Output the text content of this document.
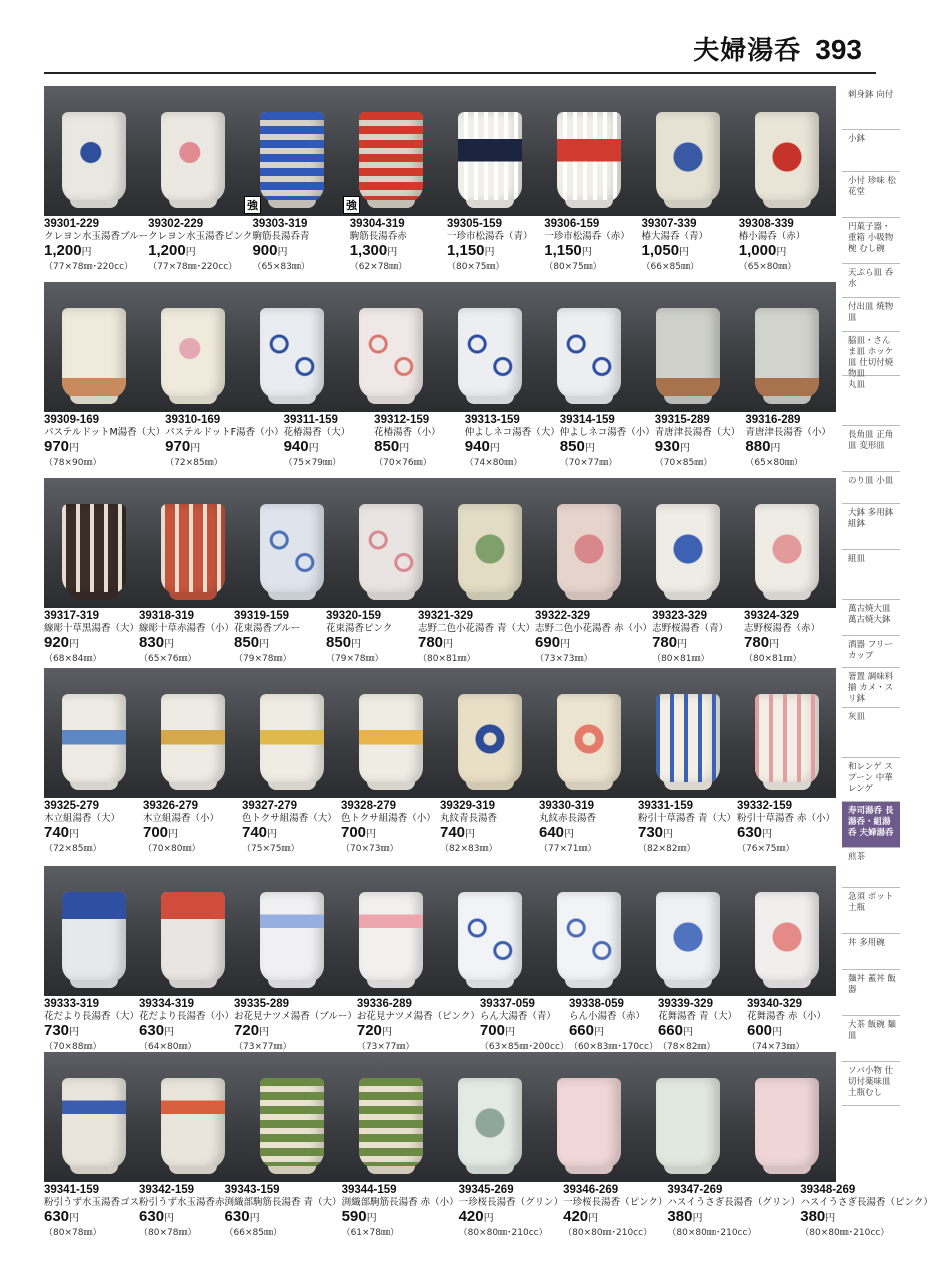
夫婦湯呑 393
強	強
39301-229
クレヨン水玉湯香ブルー
1,200円
（77×78㎜･220cc）
39302-229
クレヨン水玉湯香ピンク
1,200円
（77×78㎜･220cc）
39303-319
駒筋長湯呑青
900円
（65×83㎜）
39304-319
駒筋長湯呑赤
1,300円
（62×78㎜）
39305-159
一珍市松湯呑（青）
1,150円
（80×75㎜）
39306-159
一珍市松湯呑（赤）
1,150円
（80×75㎜）
39307-339
椿大湯呑（青）
1,050円
（66×85㎜）
39308-339
椿小湯呑（赤）
1,000円
（65×80㎜）
39309-169
パステルドットM湯香（大）
970円
（78×90㎜）
39310-169
パステルドットF湯香（小）
970円
（72×85㎜）
39311-159
花椿湯香（大）
940円
（75×79㎜）
39312-159
花椿湯香（小）
850円
（70×76㎜）
39313-159
仲よしネコ湯香（大）
940円
（74×80㎜）
39314-159
仲よしネコ湯香（小）
850円
（70×77㎜）
39315-289
青唐津長湯香（大）
930円
（70×85㎜）
39316-289
青唐津長湯香（小）
880円
（65×80㎜）
39317-319
線彫十草黒湯香（大）
920円
（68×84㎜）
39318-319
線彫十草赤湯香（小）
830円
（65×76㎜）
39319-159
花束湯香ブルー
850円
（79×78㎜）
39320-159
花束湯香ピンク
850円
（79×78㎜）
39321-329
志野二色小花湯香 青（大）
780円
（80×81㎜）
39322-329
志野二色小花湯香 赤（小）
690円
（73×73㎜）
39323-329
志野桜湯香（青）
780円
（80×81㎜）
39324-329
志野桜湯香（赤）
780円
（80×81㎜）
39325-279
木立組湯香（大）
740円
（72×85㎜）
39326-279
木立組湯香（小）
700円
（70×80㎜）
39327-279
色トクサ組湯香（大）
740円
（75×75㎜）
39328-279
色トクサ組湯香（小）
700円
（70×73㎜）
39329-319
丸紋青長湯香
740円
（82×83㎜）
39330-319
丸紋赤長湯香
640円
（77×71㎜）
39331-159
粉引十草湯香 青（大）
730円
（82×82㎜）
39332-159
粉引十草湯香 赤（小）
630円
（76×75㎜）
39333-319
花だより長湯香（大）
730円
（70×88㎜）
39334-319
花だより長湯香（小）
630円
（64×80㎜）
39335-289
お花見ナツメ湯香（ブルー）
720円
（73×77㎜）
39336-289
お花見ナツメ湯香（ピンク）
720円
（73×77㎜）
39337-059
らん大湯香（青）
700円
（63×85㎜･200cc）
39338-059
らん小湯香（赤）
660円
（60×83㎜･170cc）
39339-329
花舞湯香 青（大）
660円
（78×82㎜）
39340-329
花舞湯香 赤（小）
600円
（74×73㎜）
39341-159
粉引うず水玉湯香ゴス
630円
（80×78㎜）
39342-159
粉引うず水玉湯香赤
630円
（80×78㎜）
39343-159
渕織部駒筋長湯香 青（大）
630円
（66×85㎜）
39344-159
渕織部駒筋長湯香 赤（小）
590円
（61×78㎜）
39345-269
一珍桜長湯香（グリン）
420円
（80×80㎜･210cc）
39346-269
一珍桜長湯香（ピンク）
420円
（80×80㎜･210cc）
39347-269
ハスイうさぎ長湯香（グリン）
380円
（80×80㎜･210cc）
39348-269
ハスイうさぎ長湯香（ピンク）
380円
（80×80㎜･210cc）
刺身鉢 向付
小鉢
小付 珍味 松花堂
円菓子器・重箱 小吸物椀 むし碗
天ぷら皿 呑水
付出皿 焼物皿
脇皿・さんま皿 ホッケ皿 仕切付焼物皿
丸皿
長角皿 正角皿 変形皿
のり皿 小皿
大鉢 多用鉢 組鉢
組皿
萬古焼大皿 萬古焼大鉢
酒器 フリーカップ
箸置 調味料揃 カメ・スリ鉢
灰皿
和レンゲ スプーン 中華レンゲ
寿司湯呑 長湯呑・組湯呑 夫婦湯呑
煎茶
急須 ポット 土瓶
丼 多用碗
麺丼 蓋丼 飯器
大茶 飯碗 麺皿
ソバ小物 仕切付薬味皿 土瓶むし
